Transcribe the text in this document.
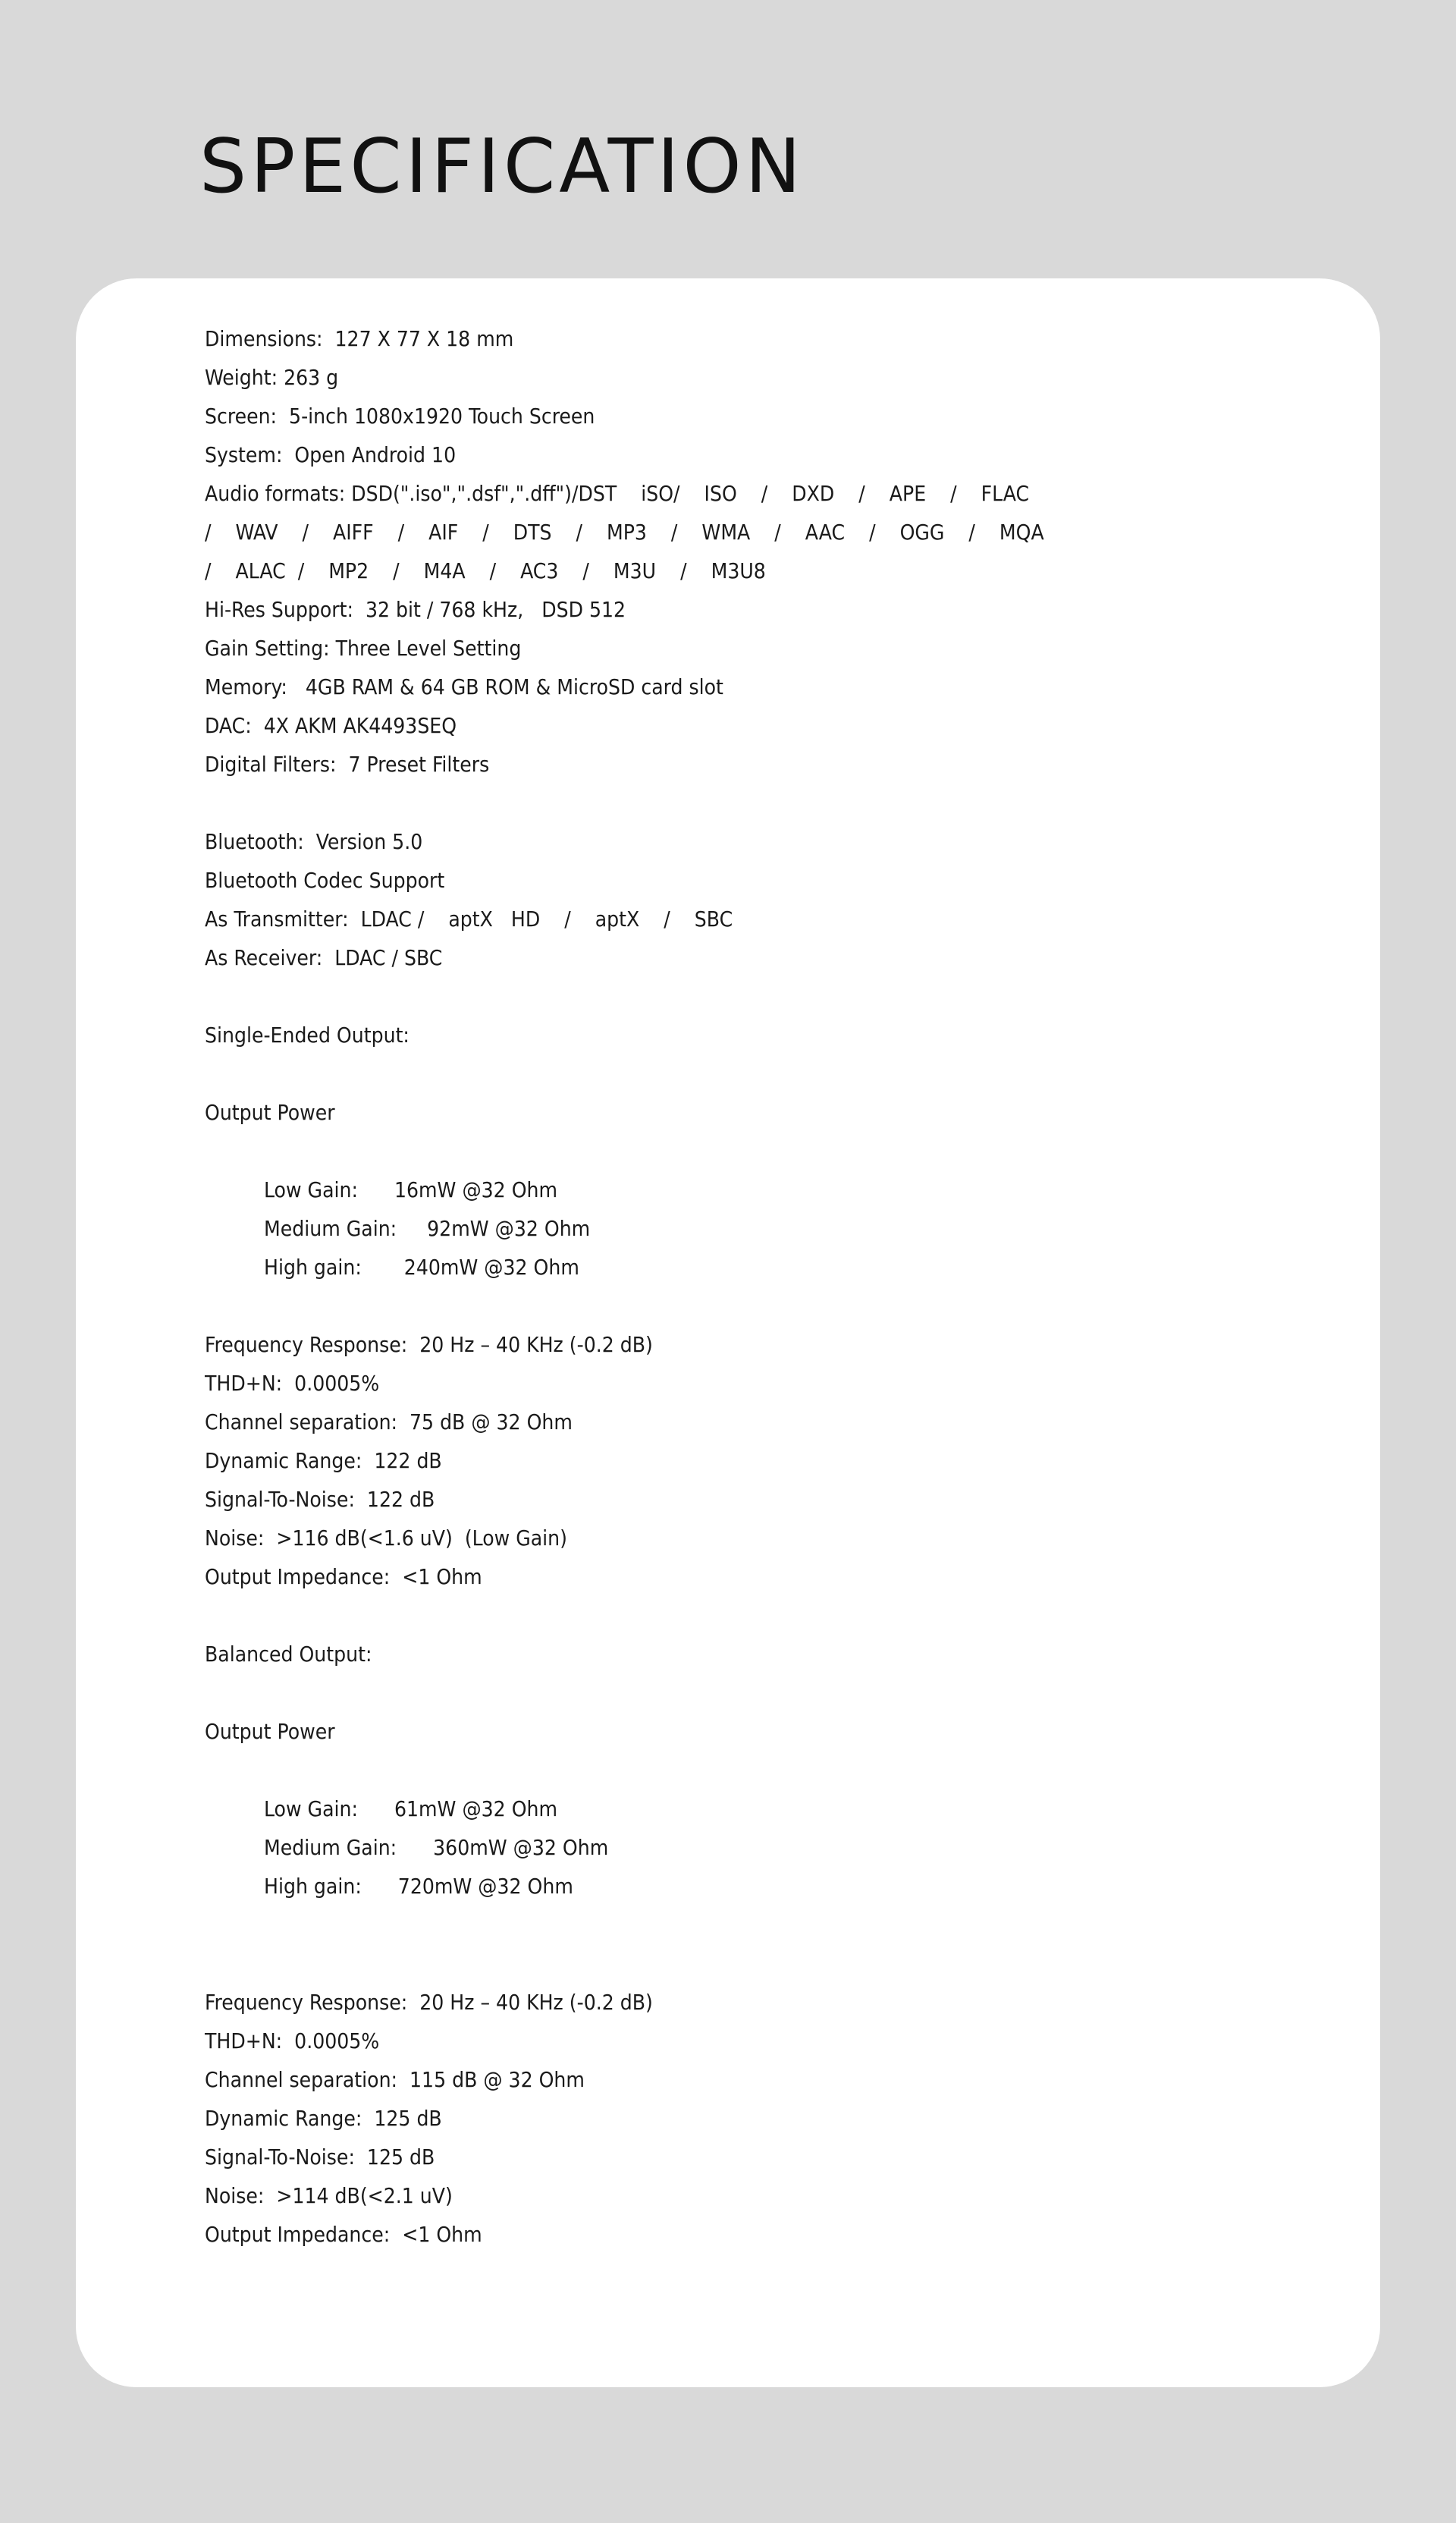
SPECIFICATION
Dimensions:  127 X 77 X 18 mm
Weight: 263 g
Screen:  5-inch 1080x1920 Touch Screen
System:  Open Android 10
Audio formats: DSD(".iso",".dsf",".dff")/DST    iSO/    ISO    /    DXD    /    APE    /    FLAC
/    WAV    /    AIFF    /    AIF    /    DTS    /    MP3    /    WMA    /    AAC    /    OGG    /    MQA
/    ALAC  /    MP2    /    M4A    /    AC3    /    M3U    /    M3U8
Hi-Res Support:  32 bit / 768 kHz,   DSD 512
Gain Setting: Three Level Setting
Memory:   4GB RAM & 64 GB ROM & MicroSD card slot
DAC:  4X AKM AK4493SEQ
Digital Filters:  7 Preset Filters
Bluetooth:  Version 5.0
Bluetooth Codec Support
As Transmitter:  LDAC /    aptX   HD    /    aptX    /    SBC
As Receiver:  LDAC / SBC
Single-Ended Output:
Output Power
Low Gain:      16mW @32 Ohm
Medium Gain:     92mW @32 Ohm
High gain:       240mW @32 Ohm
Frequency Response:  20 Hz – 40 KHz (-0.2 dB)
THD+N:  0.0005%
Channel separation:  75 dB @ 32 Ohm
Dynamic Range:  122 dB
Signal-To-Noise:  122 dB
Noise:  >116 dB(<1.6 uV)  (Low Gain)
Output Impedance:  <1 Ohm
Balanced Output:
Output Power
Low Gain:      61mW @32 Ohm
Medium Gain:      360mW @32 Ohm
High gain:      720mW @32 Ohm
Frequency Response:  20 Hz – 40 KHz (-0.2 dB)
THD+N:  0.0005%
Channel separation:  115 dB @ 32 Ohm
Dynamic Range:  125 dB
Signal-To-Noise:  125 dB
Noise:  >114 dB(<2.1 uV)
Output Impedance:  <1 Ohm
